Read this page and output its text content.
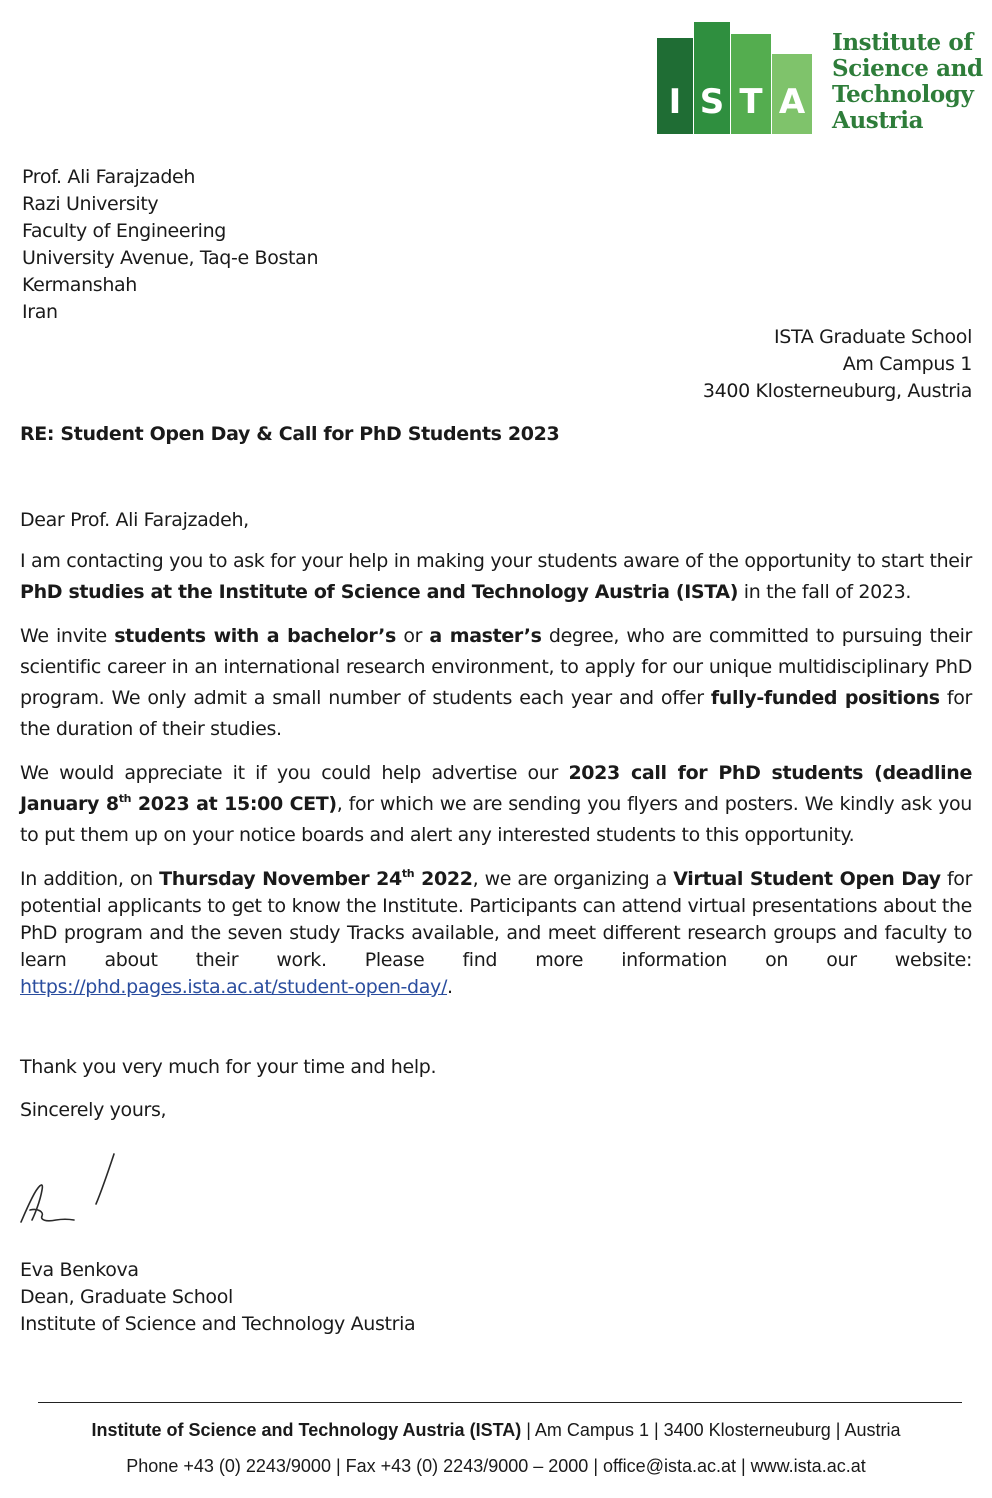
I S T A
Institute of
Science and
Technology
Austria
Prof. Ali Farajzadeh
Razi University
Faculty of Engineering
University Avenue, Taq-e Bostan
Kermanshah
Iran
ISTA Graduate School
Am Campus 1
3400 Klosterneuburg, Austria
RE: Student Open Day & Call for PhD Students 2023
Dear Prof. Ali Farajzadeh,
I am contacting you to ask for your help in making your students aware of the opportunity to start their PhD studies at the Institute of Science and Technology Austria (ISTA) in the fall of 2023.
We invite students with a bachelor’s or a master’s degree, who are committed to pursuing their scientific career in an international research environment, to apply for our unique multidisciplinary PhD program. We only admit a small number of students each year and offer fully-funded positions for the duration of their studies.
We would appreciate it if you could help advertise our 2023 call for PhD students (deadline January 8th 2023 at 15:00 CET), for which we are sending you flyers and posters. We kindly ask you to put them up on your notice boards and alert any interested students to this opportunity.
In addition, on Thursday November 24th 2022, we are organizing a Virtual Student Open Day for potential applicants to get to know the Institute. Participants can attend virtual presentations about the PhD program and the seven study Tracks available, and meet different research groups and faculty to learn about their work. Please find more information on our website: https://phd.pages.ista.ac.at/student-open-day/.
Thank you very much for your time and help.
Sincerely yours,
Eva Benkova
Dean, Graduate School
Institute of Science and Technology Austria
Institute of Science and Technology Austria (ISTA) | Am Campus 1 | 3400 Klosterneuburg | Austria
Phone +43 (0) 2243/9000 | Fax +43 (0) 2243/9000 – 2000 | office@ista.ac.at | www.ista.ac.at
